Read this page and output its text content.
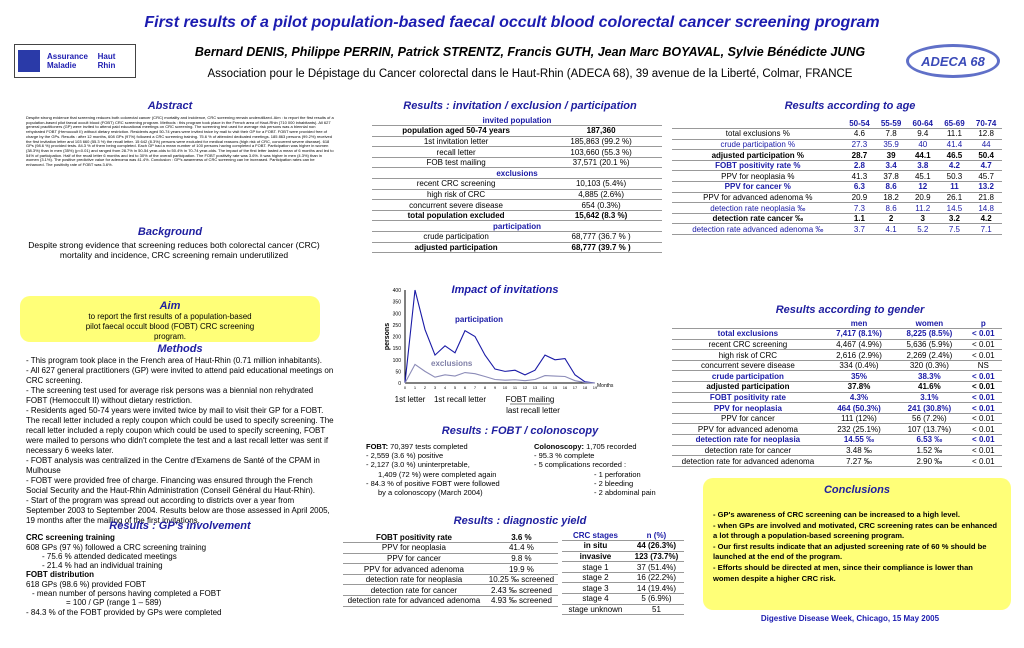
First results of a pilot population-based faecal occult blood colorectal cancer screening program
Assurance Maladie
Haut Rhin
Bernard DENIS, Philippe PERRIN, Patrick STRENTZ, Francis GUTH, Jean Marc BOYAVAL, Sylvie Bénédicte JUNG
Association pour le Dépistage du Cancer colorectal dans le Haut-Rhin (ADECA 68), 39 avenue de la Liberté, Colmar, FRANCE
ADECA 68
Abstract
Despite strong evidence that screening reduces both colorectal cancer (CRC) mortality and incidence, CRC screening remain underutilized. Aim : to report the first results of a population-based pilot faecal occult blood (FOBT) CRC screening program. Methods : this program took place in the French area of Haut-Rhin (710 000 inhabitants). All 627 general practitioners (GP) were invited to attend paid educational meetings on CRC screening. The screening test used for average risk persons was a biennial non rehydrated FOBT (Hemoccult II) without dietary restriction. Residents aged 50-74 years were invited twice by mail to visit their GP for a FOBT. FOBT were provided free of charge by the GPs. Results : after 12 months, 608 GPs (97%) followed a CRC screening training. 75.6 % of attended dedicated meetings. 185 863 persons (99.2%) received the first invitation letter and 103 660 (55.3 %) the recall letter. 15 642 (8.3%) persons were excluded for medical reasons (high risk of CRC, concurrent severe disease). 618 GPs (98.6 %) provided tests. 84.3 % of them being completed. Each GP had a mean number of 100 persons having completed a FOBT. Participation was higher in women (38.3%) than in men (35%) (p<0.01) and ranged from 28.7% in 50-54 year-olds to 50.4% in 70-74 year-olds. The impact of the first letter lasted a mean of 6 months and led to 54% of participation. Half of the recall letter 6 months and led to 30% of the overall participation. The FOBT positivity rate was 3.6%. It was higher in men (4.3%) than in women (3.1%). The positive predictive value for adenoma was 41.4%. Conclusion : GP's awareness of CRC screening can be increased. Participation rates can be enhanced. The positivity rate of FOBT was 3.6%.
Background
Despite strong evidence that screening reduces both colorectal cancer (CRC) mortality and incidence, CRC screening remain underutilized
Aim
to report the first results of a population-based pilot faecal occult blood (FOBT) CRC screening program.
Methods
- This program took place in the French area of Haut-Rhin (0.71 million inhabitants).
- All 627 general practitioners (GP) were invited to attend paid educational meetings on CRC screening.
- The screening test used for average risk persons was a biennial non rehydrated FOBT (Hemoccult II) without dietary restriction.
- Residents aged 50-74 years were invited twice by mail to visit their GP for a FOBT. The recall letter included a reply coupon which could be used to specify screening. The recall letter included a reply coupon which could be used to specify screening, FOBT were mailed to persons who didn't complete the test and a last recall letter was sent if necessary 6 weeks later.
- FOBT analysis was centralized in the Centre d'Examens de Santé of the CPAM in Mulhouse
- FOBT were provided free of charge. Financing was ensured through the French Social Security and the Haut-Rhin Administration (Conseil Général du Haut-Rhin).
- Start of the program was spread out according to districts over a year from September 2003 to September 2004. Results below are those assessed in April 2005, 19 months after the mailing of the first invitations.
Results : GP's involvement
CRC screening training
608 GPs (97 %) followed a CRC screening training
- 75.6 % attended dedicated meetings
- 21.4 % had an individual training
FOBT distribution
618 GPs (98.6 %) provided FOBT
- mean number of persons having completed a FOBT
= 100 / GP (range 1 – 589)
- 84.3 % of the FOBT provided by GPs were completed
Results : invitation / exclusion / participation
invited population	
population aged 50-74 years	187,360
1st invitation letter	185,863 (99.2 %)
recall letter	103,660 (55.3 %)
FOB test mailing	37,571 (20.1 %)
exclusions	
recent CRC screening	10,103 (5.4%)
high risk of CRC	4,885 (2.6%)
concurrent severe disease	654 (0.3%)
total population excluded	15,642 (8.3 %)
participation	
crude participation	68,777 (36.7 % )
adjusted participation	68,777 (39.7 % )
0
50
100
150
200
250
300
350
400
0 1 2 3 4 5 6 7 8 9 10 11 12 13 14 15 16 17 18 19 Months
persons
Impact of invitations
participation
exclusions
1st letter 1st recall letter FOBT mailing
last recall letter
Results : FOBT / colonoscopy
FOBT: 70,397 tests completed
- 2,559 (3.6 %) positive
- 2,127 (3.0 %) uninterpretable,
1,409 (72 %) were completed again
- 84.3 % of positive FOBT were followed
by a colonoscopy (March 2004)
Colonoscopy: 1,705 recorded
- 95.3 % complete
- 5 complications recorded :
- 1 perforation
- 2 bleeding
- 2 abdominal pain
Results : diagnostic yield
FOBT positivity rate	3.6 %
PPV for neoplasia	41.4 %
PPV for cancer	9.8 %
PPV for advanced adenoma	19.9 %
detection rate for neoplasia	10.25 ‰ screened
detection rate for cancer	2.43 ‰ screened
detection rate for advanced adenoma	4.93 ‰ screened
CRC stages	n (%)
in situ	44 (26.3%)
invasive	123 (73.7%)
stage 1	37 (51.4%)
stage 2	16 (22.2%)
stage 3	14 (19.4%)
stage 4	5 (6.9%)
stage unknown	51
Results according to age
	50-54	55-59	60-64	65-69	70-74
total exclusions %	4.6	7.8	9.4	11.1	12.8
crude participation %	27.3	35.9	40	41.4	44
adjusted participation %	28.7	39	44.1	46.5	50.4
FOBT positivity rate %	2.8	3.4	3.8	4.2	4.7
PPV for neoplasia %	41.3	37.8	45.1	50.3	45.7
PPV for cancer %	6.3	8.6	12	11	13.2
PPV for advanced adenoma %	20.9	18.2	20.9	26.1	21.8
detection rate neoplasia ‰	7.3	8.6	11.2	14.5	14.8
detection rate cancer ‰	1.1	2	3	3.2	4.2
detection rate advanced adenoma ‰	3.7	4.1	5.2	7.5	7.1
Results according to gender
	men	women	p
total exclusions	7,417 (8.1%)	8,225 (8.5%)	< 0.01
recent CRC screening	4,467 (4.9%)	5,636 (5.9%)	< 0.01
high risk of CRC	2,616 (2.9%)	2,269 (2.4%)	< 0.01
concurrent severe disease	334 (0.4%)	320 (0.3%)	NS
crude participation	35%	38.3%	< 0.01
adjusted participation	37.8%	41.6%	< 0.01
FOBT positivity rate	4.3%	3.1%	< 0.01
PPV for neoplasia	464 (50.3%)	241 (30.8%)	< 0.01
PPV for cancer	111 (12%)	56 (7.2%)	< 0.01
PPV for advanced adenoma	232 (25.1%)	107 (13.7%)	< 0.01
detection rate for neoplasia	14.55 ‰	6.53 ‰	< 0.01
detection rate for cancer	3.48 ‰	1.52 ‰	< 0.01
detection rate for advanced adenoma	7.27 ‰	2.90 ‰	< 0.01
Conclusions
- GP's awareness of CRC screening can be increased to a high level.
- when GPs are involved and motivated, CRC screening rates can be enhanced a lot through a population-based screening program.
- Our first results indicate that an adjusted screening rate of 60 % should be launched at the end of the program.
- Efforts should be directed at men, since their compliance is lower than women despite a higher CRC risk.
Digestive Disease Week, Chicago, 15 May 2005
